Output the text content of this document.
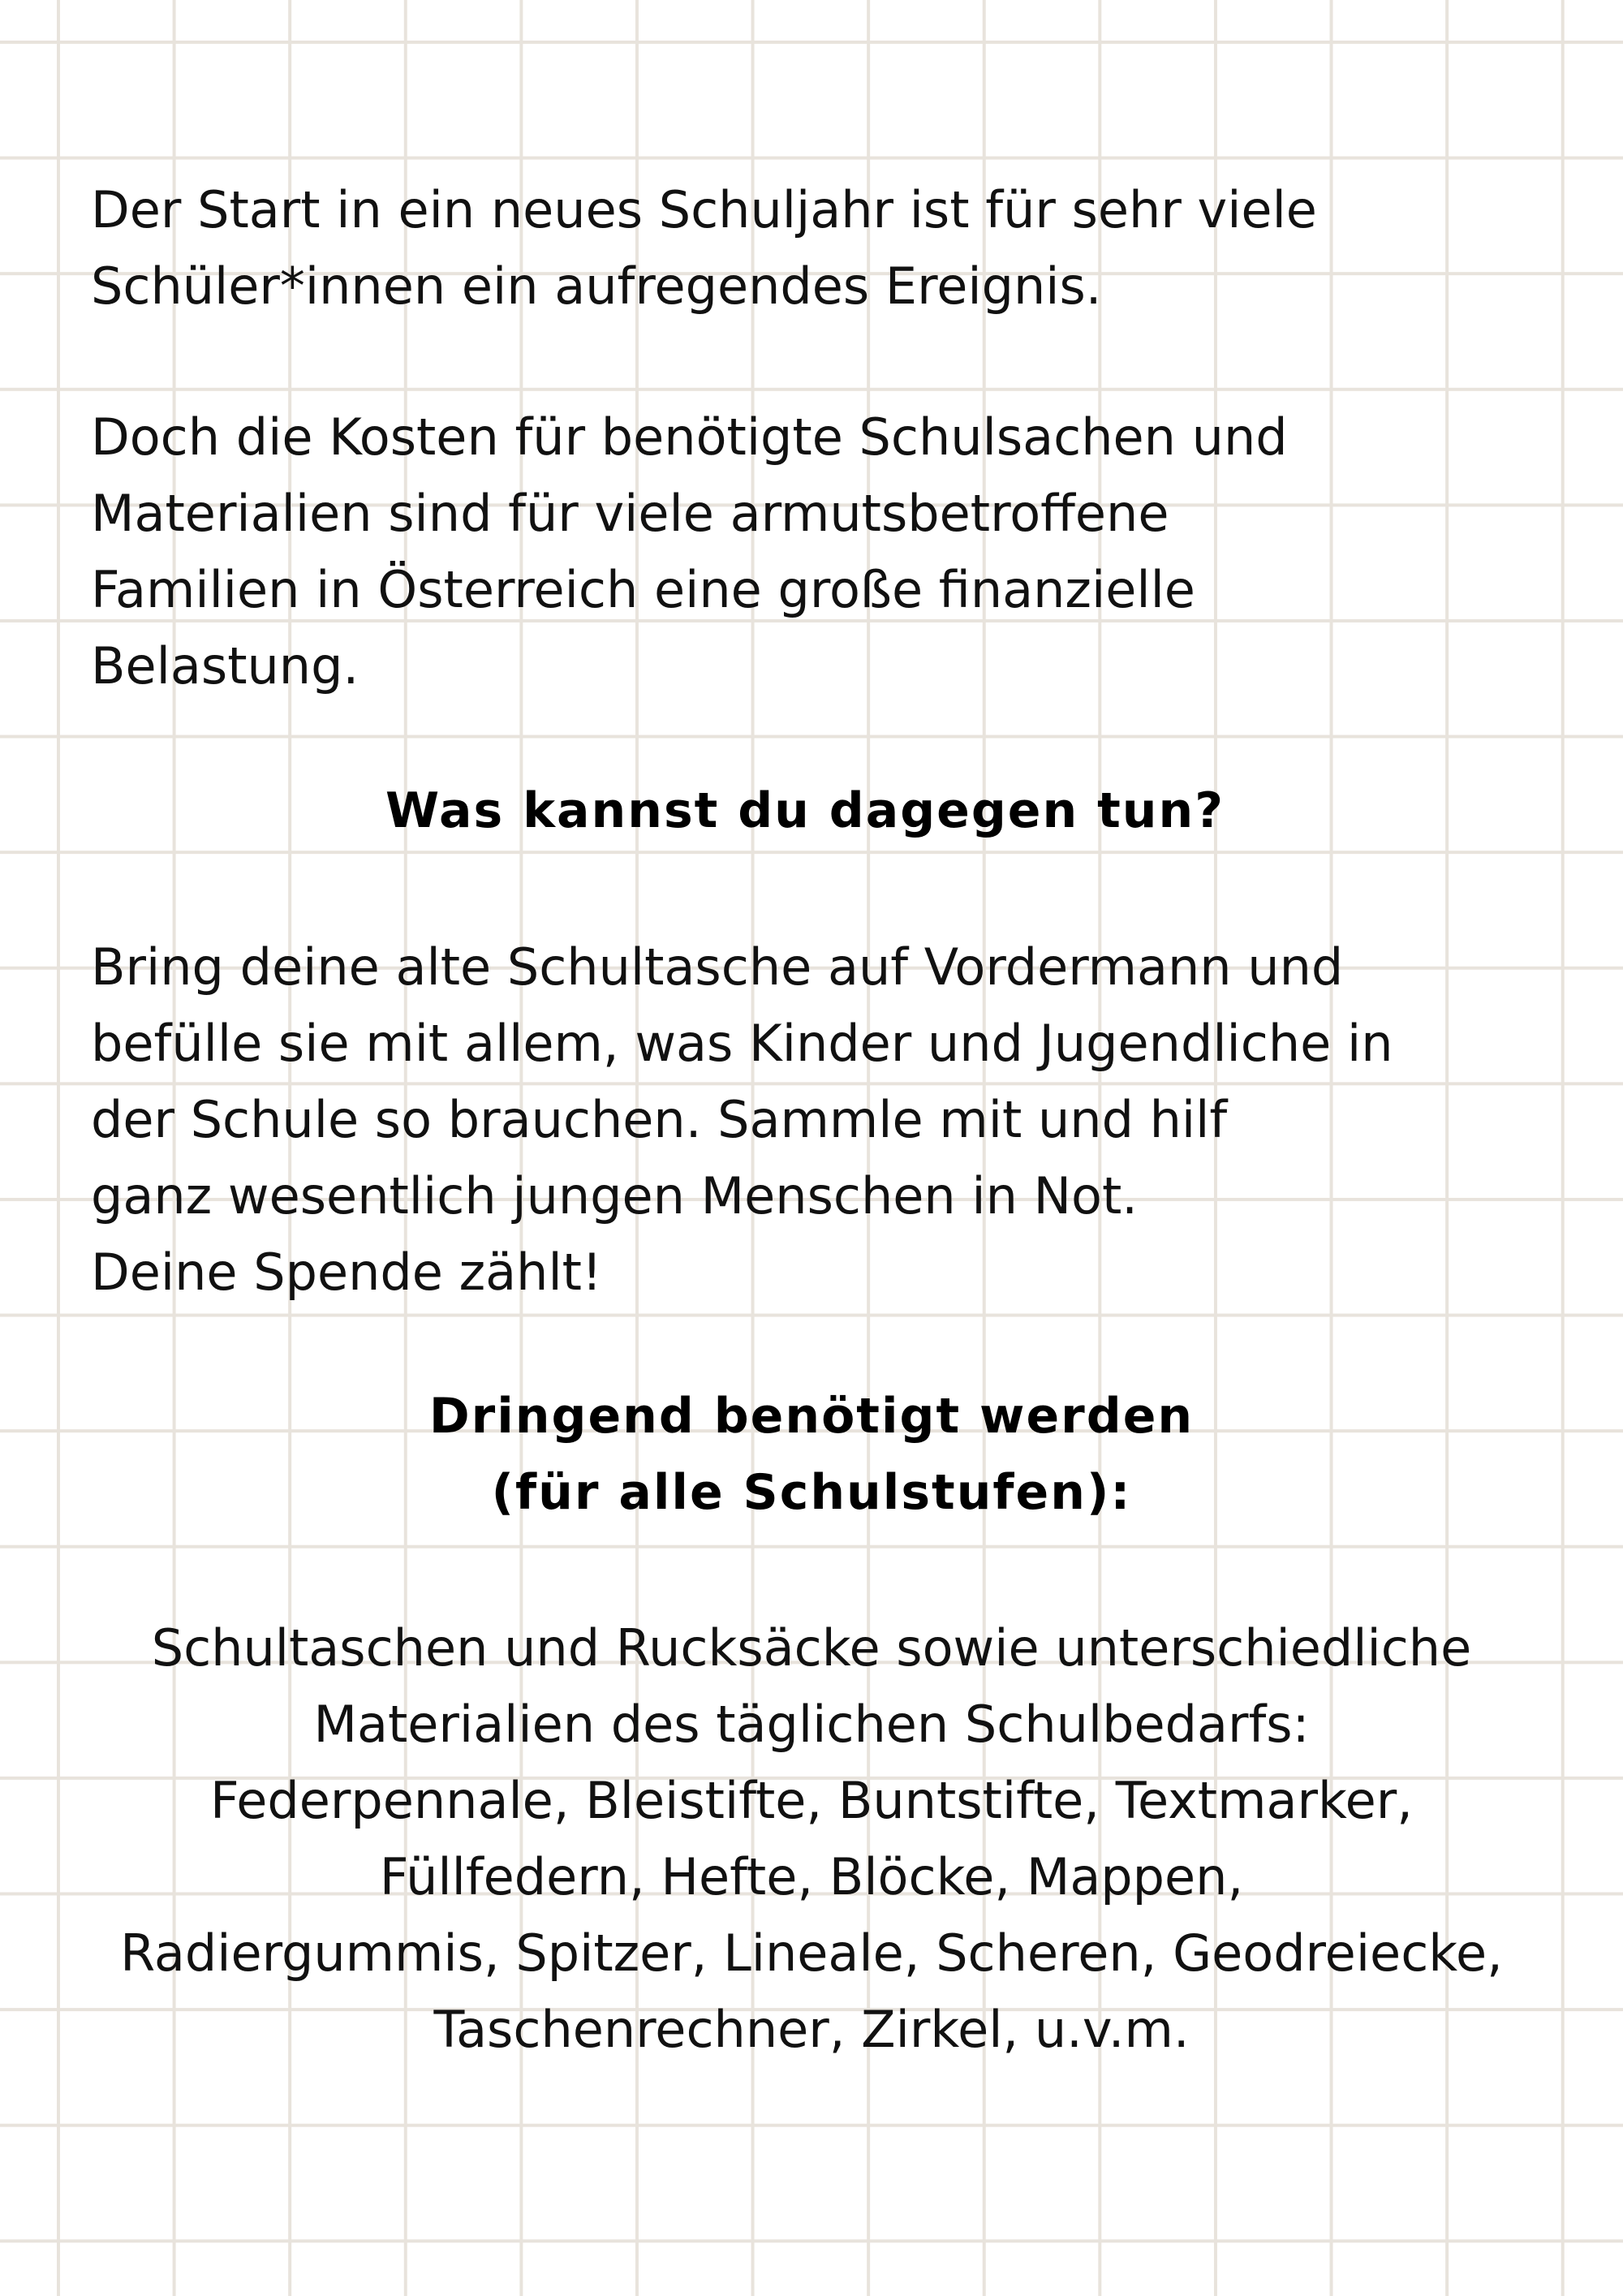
Der Start in ein neues Schuljahr ist für sehr viele
Schüler*innen ein aufregendes Ereignis.

Doch die Kosten für benötigte Schulsachen und
Materialien sind für viele armutsbetroffene
Familien in Österreich eine große finanzielle
Belastung.

Was kannst du dagegen tun?

Bring deine alte Schultasche auf Vordermann und
befülle sie mit allem, was Kinder und Jugendliche in
der Schule so brauchen. Sammle mit und hilf
ganz wesentlich jungen Menschen in Not.
Deine Spende zählt!

Dringend benötigt werden
(für alle Schulstufen):

Schultaschen und Rucksäcke sowie unterschiedliche
Materialien des täglichen Schulbedarfs:
Federpennale, Bleistifte, Buntstifte, Textmarker,
Füllfedern, Hefte, Blöcke, Mappen,
Radiergummis, Spitzer, Lineale, Scheren, Geodreiecke,
Taschenrechner, Zirkel, u.v.m.
